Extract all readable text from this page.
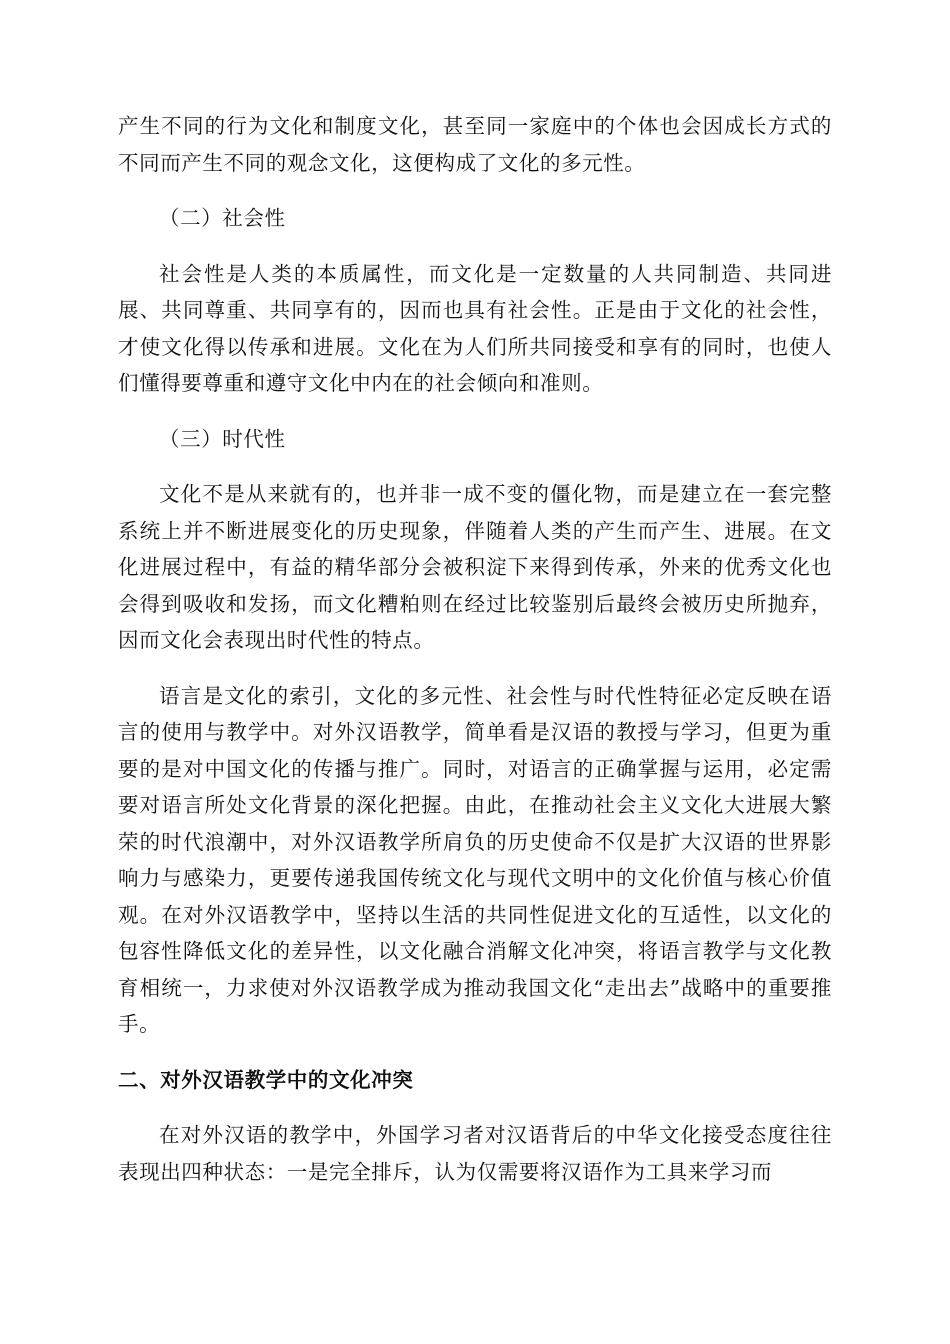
产生不同的行为文化和制度文化，甚至同一家庭中的个体也会因成长方式的不同而产生不同的观念文化，这便构成了文化的多元性。

（二）社会性

社会性是人类的本质属性，而文化是一定数量的人共同制造、共同进展、共同尊重、共同享有的，因而也具有社会性。正是由于文化的社会性，才使文化得以传承和进展。文化在为人们所共同接受和享有的同时，也使人们懂得要尊重和遵守文化中内在的社会倾向和准则。

（三）时代性

文化不是从来就有的，也并非一成不变的僵化物，而是建立在一套完整系统上并不断进展变化的历史现象，伴随着人类的产生而产生、进展。在文化进展过程中，有益的精华部分会被积淀下来得到传承，外来的优秀文化也会得到吸收和发扬，而文化糟粕则在经过比较鉴别后最终会被历史所抛弃，因而文化会表现出时代性的特点。

语言是文化的索引，文化的多元性、社会性与时代性特征必定反映在语言的使用与教学中。对外汉语教学，简单看是汉语的教授与学习，但更为重要的是对中国文化的传播与推广。同时，对语言的正确掌握与运用，必定需要对语言所处文化背景的深化把握。由此，在推动社会主义文化大进展大繁荣的时代浪潮中，对外汉语教学所肩负的历史使命不仅是扩大汉语的世界影响力与感染力，更要传递我国传统文化与现代文明中的文化价值与核心价值观。在对外汉语教学中，坚持以生活的共同性促进文化的互适性，以文化的包容性降低文化的差异性，以文化融合消解文化冲突，将语言教学与文化教育相统一，力求使对外汉语教学成为推动我国文化“走出去”战略中的重要推手。

二、对外汉语教学中的文化冲突

在对外汉语的教学中，外国学习者对汉语背后的中华文化接受态度往往表现出四种状态：一是完全排斥，认为仅需要将汉语作为工具来学习而
